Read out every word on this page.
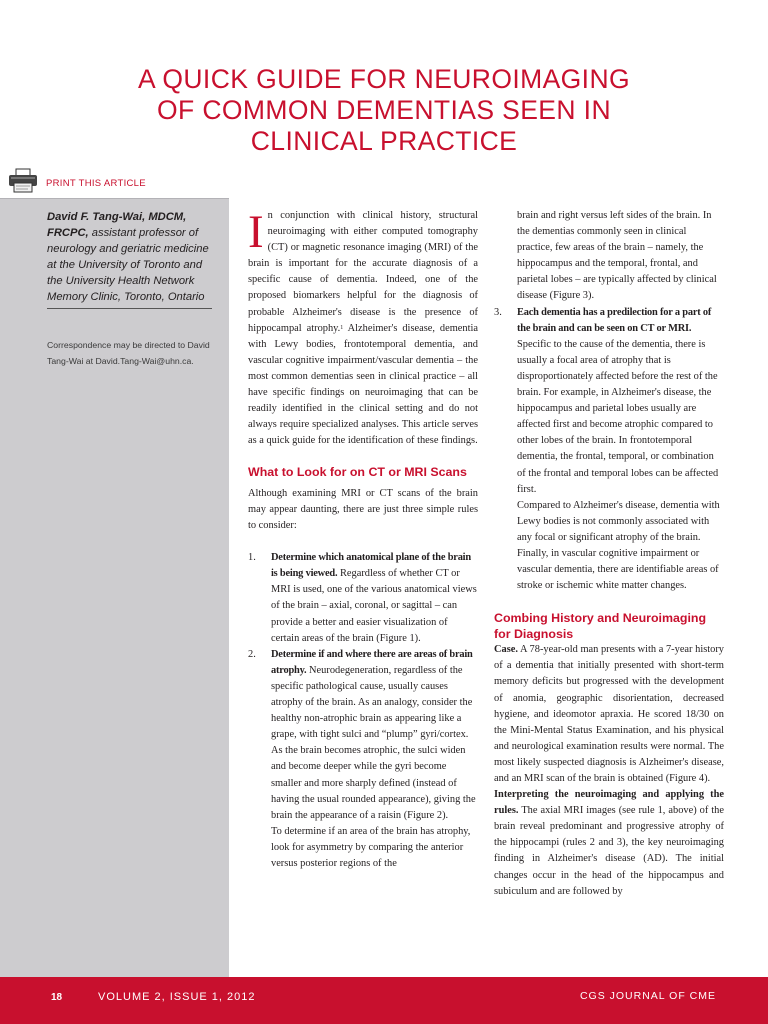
A QUICK GUIDE FOR NEUROIMAGING
OF COMMON DEMENTIAS SEEN IN
CLINICAL PRACTICE
PRINT THIS ARTICLE

David F. Tang-Wai, MDCM, FRCPC, assistant professor of neurology and geriatric medicine at the University of Toronto and the University Health Network Memory Clinic, Toronto, Ontario

Correspondence may be directed to David Tang-Wai at David.Tang-Wai@uhn.ca.

In conjunction with clinical history, structural neuroimaging with either computed tomography (CT) or magnetic resonance imaging (MRI) of the brain is important for the accurate diagnosis of a specific cause of dementia. Indeed, one of the proposed biomarkers helpful for the diagnosis of probable Alzheimer's disease is the presence of hippocampal atrophy.$^1$ Alzheimer's disease, dementia with Lewy bodies, frontotemporal dementia, and vascular cognitive impairment/vascular dementia – the most common dementias seen in clinical practice – all have specific findings on neuroimaging that can be readily identified in the clinical setting and do not always require specialized analyses. This article serves as a quick guide for the identification of these findings.

What to Look for on CT or MRI Scans

Although examining MRI or CT scans of the brain may appear daunting, there are just three simple rules to consider:

1. Determine which anatomical plane of the brain is being viewed. Regardless of whether CT or MRI is used, one of the various anatomical views of the brain – axial, coronal, or sagittal – can provide a better and easier visualization of certain areas of the brain (Figure 1).
2. Determine if and where there are areas of brain atrophy. Neurodegeneration, regardless of the specific pathological cause, usually causes atrophy of the brain. As an analogy, consider the healthy non-atrophic brain as appearing like a grape, with tight sulci and “plump” gyri/cortex. As the brain becomes atrophic, the sulci widen and become deeper while the gyri become smaller and more sharply defined (instead of having the usual rounded appearance), giving the brain the appearance of a raisin (Figure 2).

To determine if an area of the brain has atrophy, look for asymmetry by comparing the anterior versus posterior regions of the

brain and right versus left sides of the brain. In the dementias commonly seen in clinical practice, few areas of the brain – namely, the hippocampus and the temporal, frontal, and parietal lobes – are typically affected by clinical disease (Figure 3).

3. Each dementia has a predilection for a part of the brain and can be seen on CT or MRI. Specific to the cause of the dementia, there is usually a focal area of atrophy that is disproportionately affected before the rest of the brain. For example, in Alzheimer's disease, the hippocampus and parietal lobes usually are affected first and become atrophic compared to other lobes of the brain. In frontotemporal dementia, the frontal, temporal, or combination of the frontal and temporal lobes can be affected first.

Compared to Alzheimer's disease, dementia with Lewy bodies is not commonly associated with any focal or significant atrophy of the brain. Finally, in vascular cognitive impairment or vascular dementia, there are identifiable areas of stroke or ischemic white matter changes.

Combing History and Neuroimaging for Diagnosis

Case. A 78-year-old man presents with a 7-year history of a dementia that initially presented with short-term memory deficits but progressed with the development of anomia, geographic disorientation, decreased hygiene, and ideomotor apraxia. He scored 18/30 on the Mini-Mental Status Examination, and his physical and neurological examination results were normal. The most likely suspected diagnosis is Alzheimer's disease, and an MRI scan of the brain is obtained (Figure 4).

Interpreting the neuroimaging and applying the rules. The axial MRI images (see rule 1, above) of the brain reveal predominant and progressive atrophy of the hippocampi (rules 2 and 3), the key neuroimaging finding in Alzheimer's disease (AD). The initial changes occur in the head of the hippocampus and subiculum and are followed by

18	VOLUME 2, ISSUE 1, 2012	CGS JOURNAL OF CME
